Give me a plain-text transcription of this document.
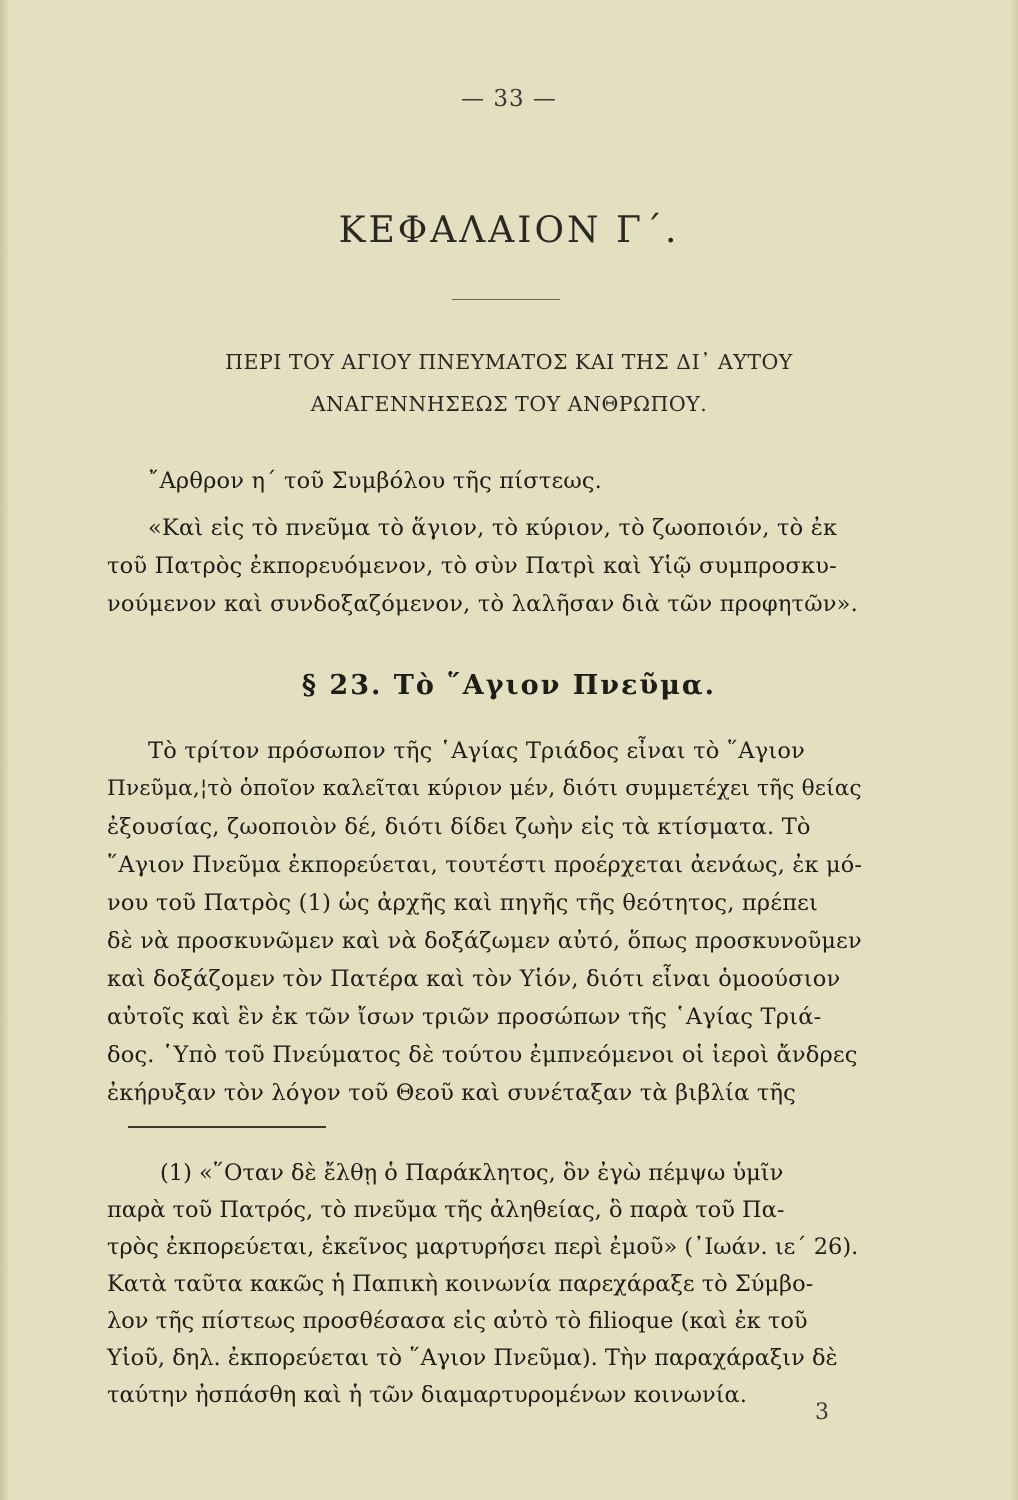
— 33 —
ΚΕΦΑΛΑΙΟΝ Γ΄.
ΠΕΡΙ ΤΟΥ ΑΓΙΟΥ ΠΝΕΥΜΑΤΟΣ ΚΑΙ ΤΗΣ ΔΙ᾿ ΑΥΤΟΥ
ΑΝΑΓΕΝΝΗΣΕΩΣ ΤΟΥ ΑΝΘΡΩΠΟΥ.
῎Αρθρον η΄ τοῦ Συμβόλου τῆς πίστεως.
«Καὶ εἰς τὸ πνεῦμα τὸ ἅγιον, τὸ κύριον, τὸ ζωοποιόν, τὸ ἐκ
τοῦ Πατρὸς ἐκπορευόμενον, τὸ σὺν Πατρὶ καὶ Υἱῷ συμπροσκυ-
νούμενον καὶ συνδοξαζόμενον, τὸ λαλῆσαν διὰ τῶν προφητῶν».
§ 23. Τὸ ῞Αγιον Πνεῦμα.
Τὸ τρίτον πρόσωπον τῆς ῾Αγίας Τριάδος εἶναι τὸ ῞Αγιον
Πνεῦμα,¦τὸ ὁποῖον καλεῖται κύριον μέν, διότι συμμετέχει τῆς θείας
ἐξουσίας, ζωοποιὸν δέ, διότι δίδει ζωὴν εἰς τὰ κτίσματα. Τὸ
῞Αγιον Πνεῦμα ἐκπορεύεται, τουτέστι προέρχεται ἀενάως, ἐκ μό-
νου τοῦ Πατρὸς (1) ὡς ἀρχῆς καὶ πηγῆς τῆς θεότητος, πρέπει
δὲ νὰ προσκυνῶμεν καὶ νὰ δοξάζωμεν αὐτό, ὅπως προσκυνοῦμεν
καὶ δοξάζομεν τὸν Πατέρα καὶ τὸν Υἱόν, διότι εἶναι ὁμοούσιον
αὐτοῖς καὶ ἓν ἐκ τῶν ἴσων τριῶν προσώπων τῆς ῾Αγίας Τριά-
δος. ῾Υπὸ τοῦ Πνεύματος δὲ τούτου ἐμπνεόμενοι οἱ ἱεροὶ ἄνδρες
ἐκήρυξαν τὸν λόγον τοῦ Θεοῦ καὶ συνέταξαν τὰ βιβλία τῆς
(1) «῞Οταν δὲ ἔλθῃ ὁ Παράκλητος, ὃν ἐγὼ πέμψω ὑμῖν
παρὰ τοῦ Πατρός, τὸ πνεῦμα τῆς ἀληθείας, ὃ παρὰ τοῦ Πα-
τρὸς ἐκπορεύεται, ἐκεῖνος μαρτυρήσει περὶ ἐμοῦ» (᾿Ιωάν. ιε΄ 26).
Κατὰ ταῦτα κακῶς ἡ Παπικὴ κοινωνία παρεχάραξε τὸ Σύμβο-
λον τῆς πίστεως προσθέσασα εἰς αὐτὸ τὸ filioque (καὶ ἐκ τοῦ
Υἱοῦ, δηλ. ἐκπορεύεται τὸ ῞Αγιον Πνεῦμα). Τὴν παραχάραξιν δὲ
ταύτην ἠσπάσθη καὶ ἡ τῶν διαμαρτυρομένων κοινωνία.
3
